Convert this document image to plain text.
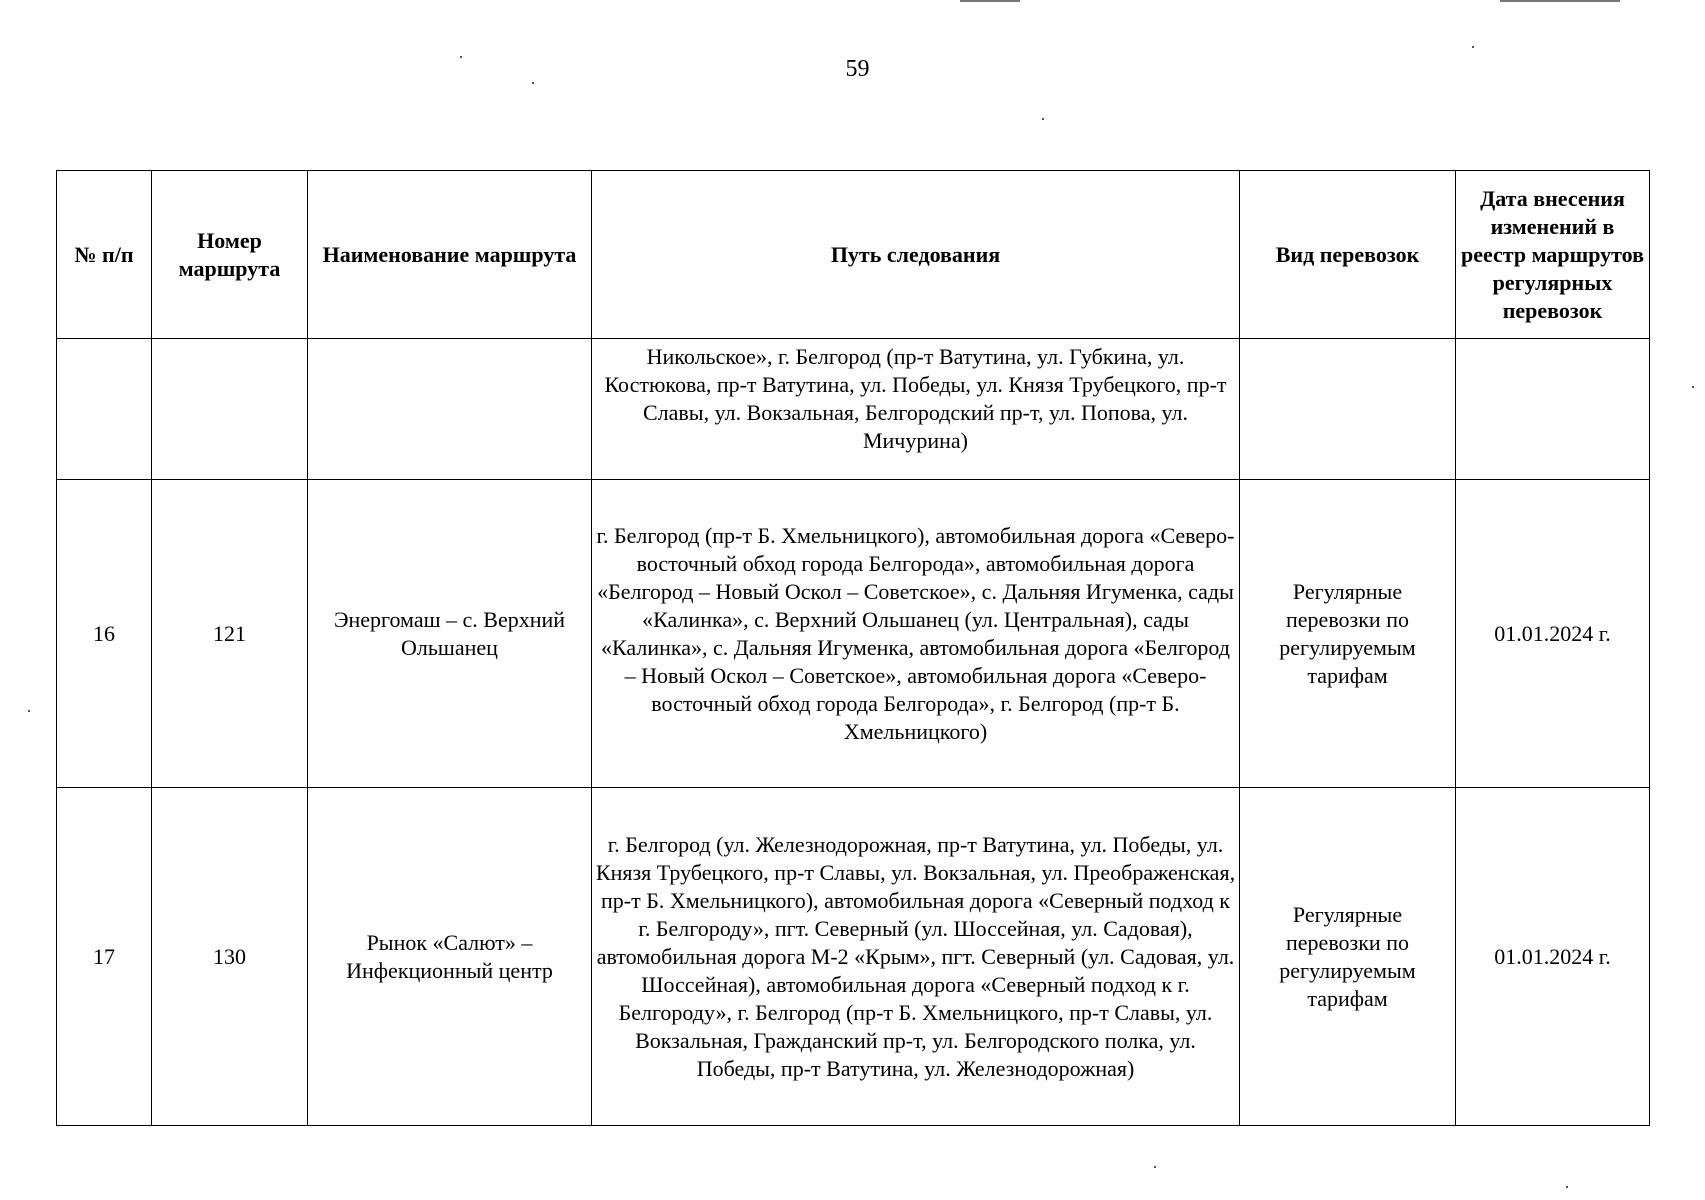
59
№ п/п	Номер маршрута	Наименование маршрута	Путь следования	Вид перевозок	Дата внесения изменений в реестр маршрутов регулярных перевозок
			Никольское», г. Белгород (пр-т Ватутина, ул. Губкина, ул. Костюкова, пр-т Ватутина, ул. Победы, ул. Князя Трубецкого, пр-т Славы, ул. Вокзальная, Белгородский пр-т, ул. Попова, ул. Мичурина)		
16	121	Энергомаш – с. Верхний Ольшанец	г. Белгород (пр-т Б. Хмельницкого), автомобильная дорога «Северо-восточный обход города Белгорода», автомобильная дорога «Белгород – Новый Оскол – Советское», с. Дальняя Игуменка, сады «Калинка», с. Верхний Ольшанец (ул. Центральная), сады «Калинка», с. Дальняя Игуменка, автомобильная дорога «Белгород – Новый Оскол – Советское», автомобильная дорога «Северо-восточный обход города Белгорода», г. Белгород (пр-т Б. Хмельницкого)	Регулярные перевозки по регулируемым тарифам	01.01.2024 г.
17	130	Рынок «Салют» – Инфекционный центр	г. Белгород (ул. Железнодорожная, пр-т Ватутина, ул. Победы, ул. Князя Трубецкого, пр-т Славы, ул. Вокзальная, ул. Преображенская, пр-т Б. Хмельницкого), автомобильная дорога «Северный подход к г. Белгороду», пгт. Северный (ул. Шоссейная, ул. Садовая), автомобильная дорога М-2 «Крым», пгт. Северный (ул. Садовая, ул. Шоссейная), автомобильная дорога «Северный подход к г. Белгороду», г. Белгород (пр-т Б. Хмельницкого, пр-т Славы, ул. Вокзальная, Гражданский пр-т, ул. Белгородского полка, ул. Победы, пр-т Ватутина, ул. Железнодорожная)	Регулярные перевозки по регулируемым тарифам	01.01.2024 г.
